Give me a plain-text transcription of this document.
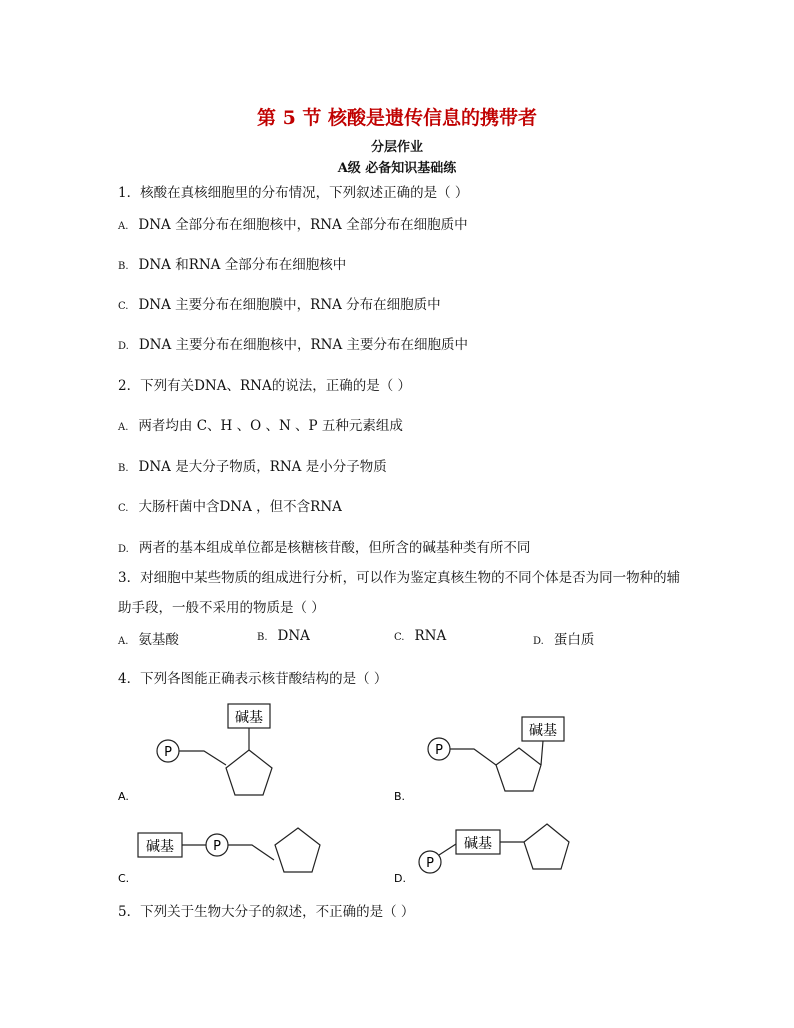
第 5 节 核酸是遗传信息的携带者
分层作业
A级 必备知识基础练
1．核酸在真核细胞里的分布情况，下列叙述正确的是（ ）
A. DNA 全部分布在细胞核中，RNA 全部分布在细胞质中
B. DNA 和RNA 全部分布在细胞核中
C. DNA 主要分布在细胞膜中，RNA 分布在细胞质中
D. DNA 主要分布在细胞核中，RNA 主要分布在细胞质中
2．下列有关DNA、RNA的说法，正确的是（ ）
A. 两者均由 C、H 、O 、N 、P 五种元素组成
B. DNA 是大分子物质，RNA 是小分子物质
C. 大肠杆菌中含DNA ，但不含RNA
D. 两者的基本组成单位都是核糖核苷酸，但所含的碱基种类有所不同
3．对细胞中某些物质的组成进行分析，可以作为鉴定真核生物的不同个体是否为同一物种的辅
助手段，一般不采用的物质是（ ）
A. 氨基酸	B. DNA	C. RNA	D. 蛋白质
4．下列各图能正确表示核苷酸结构的是（ ）
碱基
P
A.
碱基
P
B.
碱基	P
C.
碱基
P
D.
5．下列关于生物大分子的叙述，不正确的是（ ）
